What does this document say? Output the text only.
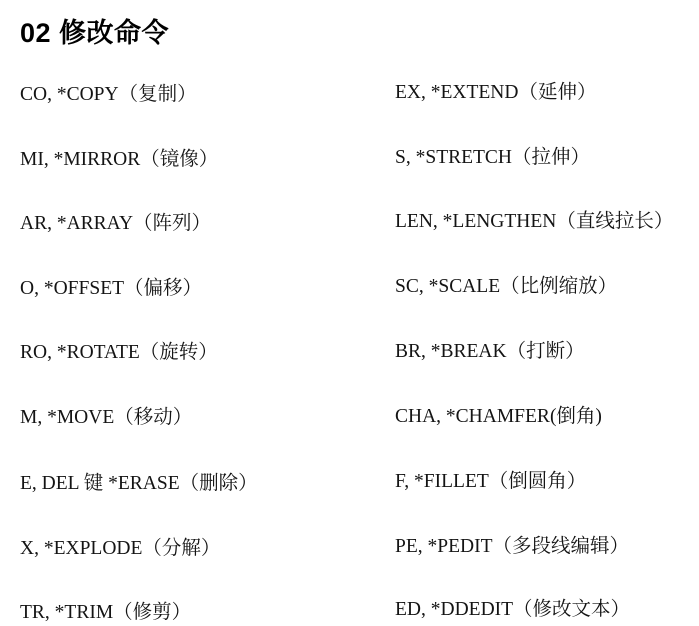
02 修改命令
CO, *COPY（复制）
MI, *MIRROR（镜像）
AR, *ARRAY（阵列）
O, *OFFSET（偏移）
RO, *ROTATE（旋转）
M, *MOVE（移动）
E, DEL 键 *ERASE（删除）
X, *EXPLODE（分解）
TR, *TRIM（修剪）
EX, *EXTEND（延伸）
S, *STRETCH（拉伸）
LEN, *LENGTHEN（直线拉长）
SC, *SCALE（比例缩放）
BR, *BREAK（打断）
CHA, *CHAMFER(倒角)
F, *FILLET（倒圆角）
PE, *PEDIT（多段线编辑）
ED, *DDEDIT（修改文本）
